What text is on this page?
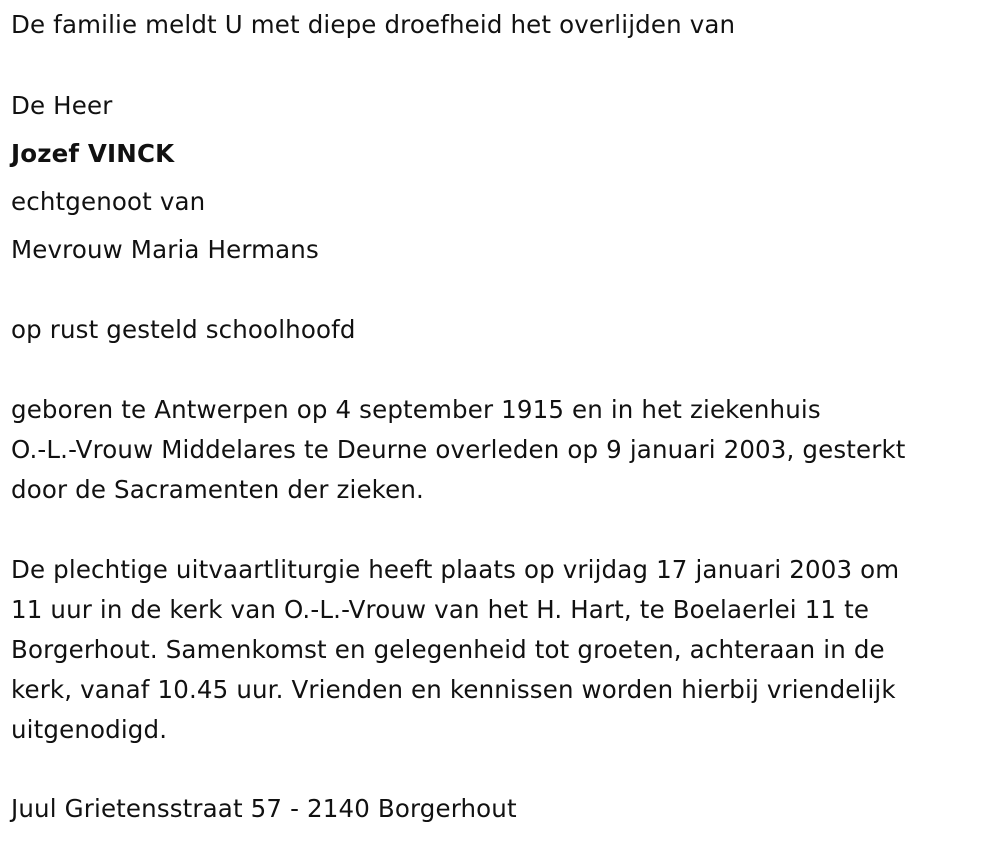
De familie meldt U met diepe droefheid het overlijden van

De Heer

Jozef VINCK

echtgenoot van

Mevrouw Maria Hermans

op rust gesteld schoolhoofd

geboren te Antwerpen op 4 september 1915 en in het ziekenhuis
O.-L.-Vrouw Middelares te Deurne overleden op 9 januari 2003, gesterkt
door de Sacramenten der zieken.
De plechtige uitvaartliturgie heeft plaats op vrijdag 17 januari 2003 om
11 uur in de kerk van O.-L.-Vrouw van het H. Hart, te Boelaerlei 11 te
Borgerhout. Samenkomst en gelegenheid tot groeten, achteraan in de
kerk, vanaf 10.45 uur. Vrienden en kennissen worden hierbij vriendelijk
uitgenodigd.

Juul Grietensstraat 57 - 2140 Borgerhout
